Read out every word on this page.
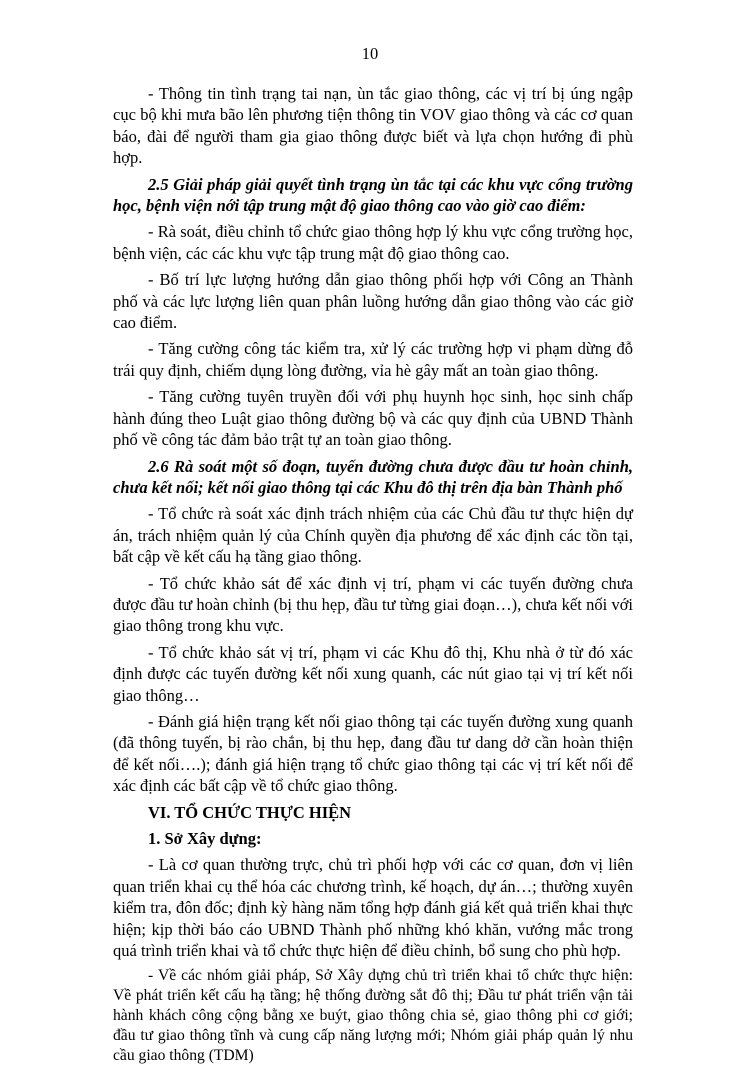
10

- Thông tin tình trạng tai nạn, ùn tắc giao thông, các vị trí bị úng ngập cục bộ khi mưa bão lên phương tiện thông tin VOV giao thông và các cơ quan báo, đài để người tham gia giao thông được biết và lựa chọn hướng đi phù hợp.

2.5 Giải pháp giải quyết tình trạng ùn tắc tại các khu vực cổng trường học, bệnh viện nới tập trung mật độ giao thông cao vào giờ cao điểm:

- Rà soát, điều chỉnh tổ chức giao thông hợp lý khu vực cổng trường học, bệnh viện, các các khu vực tập trung mật độ giao thông cao.

- Bố trí lực lượng hướng dẫn giao thông phối hợp với Công an Thành phố và các lực lượng liên quan phân luồng hướng dẫn giao thông vào các giờ cao điểm.

- Tăng cường công tác kiểm tra, xử lý các trường hợp vi phạm dừng đỗ trái quy định, chiếm dụng lòng đường, vỉa hè gây mất an toàn giao thông.

- Tăng cường tuyên truyền đối với phụ huynh học sinh, học sinh chấp hành đúng theo Luật giao thông đường bộ và các quy định của UBND Thành phố về công tác đảm bảo trật tự an toàn giao thông.

2.6 Rà soát một số đoạn, tuyến đường chưa được đầu tư hoàn chỉnh, chưa kết nối; kết nối giao thông tại các Khu đô thị trên địa bàn Thành phố

- Tổ chức rà soát xác định trách nhiệm của các Chủ đầu tư thực hiện dự án, trách nhiệm quản lý của Chính quyền địa phương để xác định các tồn tại, bất cập về kết cấu hạ tầng giao thông.

- Tổ chức khảo sát để xác định vị trí, phạm vi các tuyến đường chưa được đầu tư hoàn chỉnh (bị thu hẹp, đầu tư từng giai đoạn…), chưa kết nối với giao thông trong khu vực.

- Tổ chức khảo sát vị trí, phạm vi các Khu đô thị, Khu nhà ở từ đó xác định được các tuyến đường kết nối xung quanh, các nút giao tại vị trí kết nối giao thông…

- Đánh giá hiện trạng kết nối giao thông tại các tuyến đường xung quanh (đã thông tuyến, bị rào chắn, bị thu hẹp, đang đầu tư dang dở cần hoàn thiện để kết nối….); đánh giá hiện trạng tổ chức giao thông tại các vị trí kết nối để xác định các bất cập về tổ chức giao thông.

VI. TỔ CHỨC THỰC HIỆN

1. Sở Xây dựng:

- Là cơ quan thường trực, chủ trì phối hợp với các cơ quan, đơn vị liên quan triển khai cụ thể hóa các chương trình, kế hoạch, dự án…; thường xuyên kiểm tra, đôn đốc; định kỳ hàng năm tổng hợp đánh giá kết quả triển khai thực hiện; kịp thời báo cáo UBND Thành phố những khó khăn, vướng mắc trong quá trình triển khai và tổ chức thực hiện để điều chỉnh, bổ sung cho phù hợp.

- Về các nhóm giải pháp, Sở Xây dựng chủ trì triển khai tổ chức thực hiện: Về phát triển kết cấu hạ tầng; hệ thống đường sắt đô thị; Đầu tư phát triển vận tải hành khách công cộng bằng xe buýt, giao thông chia sẻ, giao thông phi cơ giới; đầu tư giao thông tĩnh và cung cấp năng lượng mới; Nhóm giải pháp quản lý nhu cầu giao thông (TDM)
